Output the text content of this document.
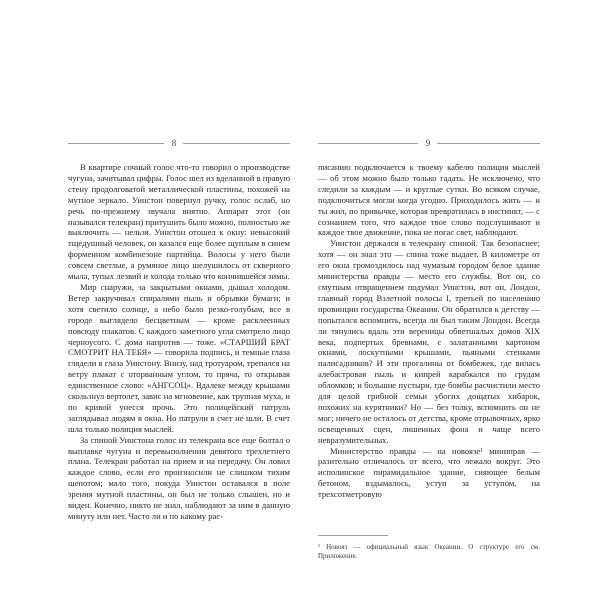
8	9

В квартире сочный голос что-то говорил о производстве чугуна, зачитывал цифры. Голос шел из вделанной в правую стену продолговатой металлической пластины, похожей на мутное зеркало. Уинстон повернул ручку, голос ослаб, но речь по-прежнему звучала внятно. Аппарат этот (он назывался телекран) притушить было можно, полностью же выключить — нельзя. Уинстон отошел к окну: невысокий тщедушный человек, он казался еще более щуплым в синем форменном комбинезоне партийца. Волосы у него были совсем светлые, а румяное лицо шелушилось от скверного мыла, тупых лезвий и холода только что кончившейся зимы.

Мир снаружи, за закрытыми окнами, дышал холодом. Ветер закручивал спиралями пыль и обрывки бумаги; и хотя светило солнце, а небо было резко-голубым, все в городе выглядело бесцветным — кроме расклеенных повсюду плакатов. С каждого заметного угла смотрело лицо черноусого. С дома напротив — тоже. «СТАРШИЙ БРАТ СМОТРИТ НА ТЕБЯ» — говорила подпись, и темные глаза глядели в глаза Уинстону. Внизу, над тротуаром, трепался на ветру плакат с оторванным углом, то пряча, то открывая единственное слово: «АНГСОЦ». Вдалеке между крышами скользнул вертолет, завис на мгновение, как трупная муха, и по кривой унесся прочь. Это полицейский патруль заглядывал людям в окна. Но патрули в счет не шли. В счет шла только полиция мыслей.

За спиной Уинстона голос из телекрана все еще болтал о выплавке чугуна и перевыполнении девятого трехлетнего плана. Телекран работал на прием и на передачу. Он ловил каждое слово, если его произносили не слишком тихим шепотом; мало того, покуда Уинстон оставался в поле зрения мутной пластины, он был не только слышен, но и виден. Конечно, никто не знал, наблюдают за ним в данную минуту или нет. Часто ли и по какому рас-

писанию подключается к твоему кабелю полиция мыслей — об этом можно было только гадать. Не исключено, что следили за каждым — и круглые сутки. Во всяком случае, подключиться могли когда угодно. Приходилось жить — и ты жил, по привычке, которая превратилась в инстинкт, — с сознанием того, что каждое твое слово подслушивают и каждое твое движение, пока не погас свет, наблюдают.

Уинстон держался к телекрану спиной. Так безопаснее; хотя — он знал это — спина тоже выдает. В километре от его окна громоздилось над чумазым городом белое здание министерства правды — место его службы. Вот он, со смутным отвращением подумал Уинстон, вот он, Лондон, главный город Взлетной полосы I, третьей по населению провинции государства Океания. Он обратился к детству — попытался вспомнить, всегда ли был таким Лондон. Всегда ли тянулись вдаль эти вереницы обветшалых домов XIX века, подпертых бревнами, с залатанными картоном окнами, лоскутными крышами, пьяными стенками палисадников? И эти прогалины от бомбежек, где вилась алебастровая пыль и кипрей карабкался по грудам обломков; и большие пустыри, где бомбы расчистили место для целой грибной семьи убогих дощатых хибарок, похожих на курятники? Но — без толку, вспомнить он не мог; ничего не осталось от детства, кроме отрывочных, ярко освещенных сцен, лишенных фона и чаще всего невразумительных.

Министерство правды — на новоязе¹ миниправ — разительно отличалось от всего, что лежало вокруг. Это исполинское пирамидальное здание, сияющее белым бетоном, вздымалось, уступ за уступом, на трехсотметровую

¹ Новояз — официальный язык Океании. О структуре его см. Приложение.
